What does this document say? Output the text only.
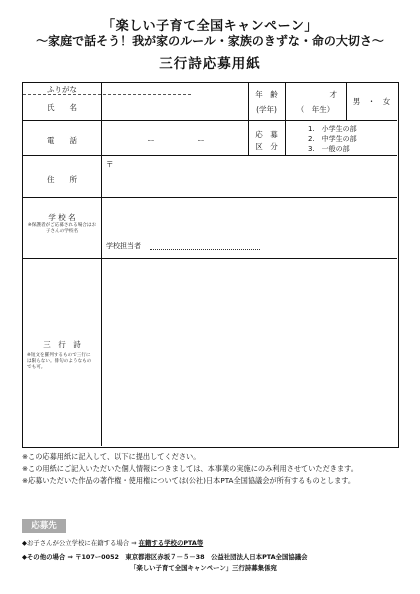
「楽しい子育て全国キャンペーン」
～家庭で話そう！我が家のルール・家族のきずな・命の大切さ～
三行詩応募用紙
ふりがな
氏　　名
年　齢
(学年)
才
（　年生）
男　・　女
電　　話	ー	ー
応　募
区　分
1.　小学生の部
2.　中学生の部
3.　一般の部
住　　所
〒
学 校 名
※保護者がご応募される場合はお子さんの学校名
学校担当者
三　行　詩
※短文を羅列するもので三行には限らない。俳句のようなものでも可。
※この応募用紙に記入して、以下に提出してください。
※この用紙にご記入いただいた個人情報につきましては、本事業の実施にのみ利用させていただきます。
※応募いただいた作品の著作権・使用権については(公社)日本PTA全国協議会が所有するものとします。
応募先
◆お子さんが公立学校に在籍する場合 ⇒ 在籍する学校のPTA等
◆その他の場合 ⇒ 〒107ー0052　東京都港区赤坂７－５－38　公益社団法人日本PTA全国協議会
「楽しい子育て全国キャンペーン」三行詩募集係宛
